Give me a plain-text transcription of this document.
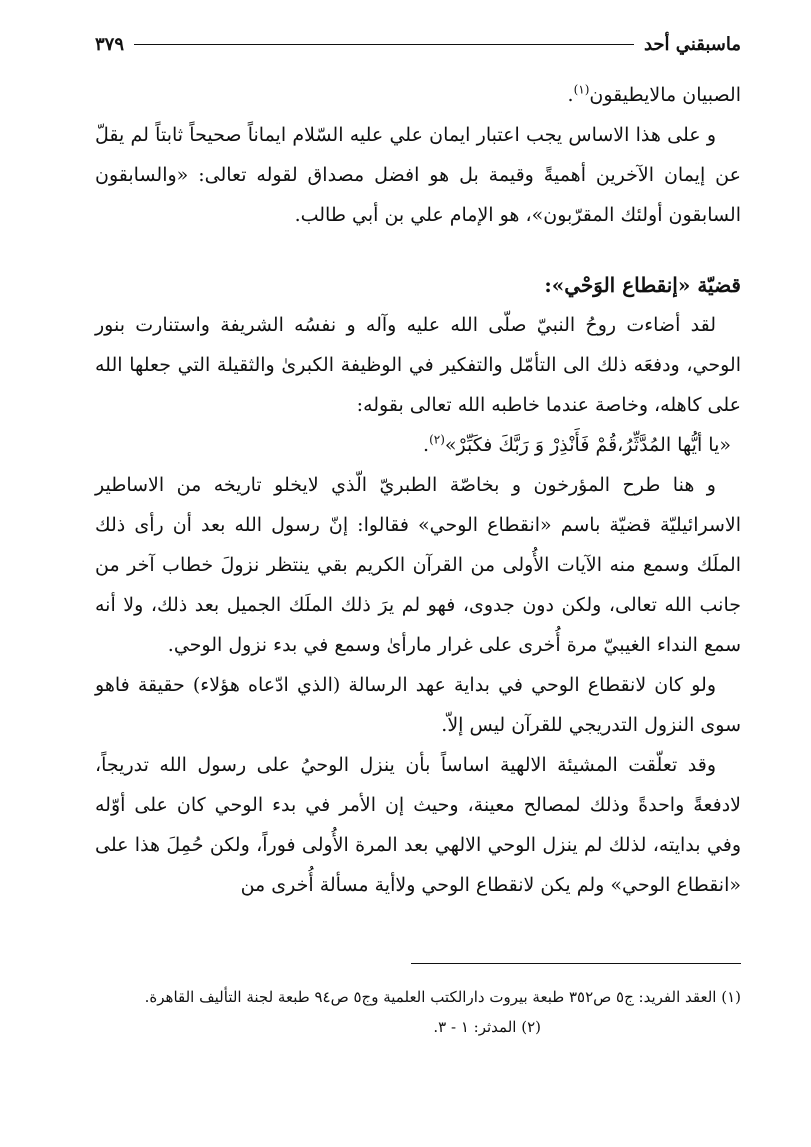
ماسبقني أحد
٣٧٩

الصبيان مالايطيقون$^{(١)}$.

و على هذا الاساس يجب اعتبار ايمان علي عليه السّلام ايماناً صحيحاً ثابتاً لم يقلّ عن إيمان الآخرين أهميةً وقيمة بل هو افضل مصداق لقوله تعالى: «والسابقون السابقون أولئك المقرّبون»، هو الإمام علي بن أبي طالب.

قضيّة «إنقطاع الوَحْي»:

لقد أضاءت روحُ النبيّ صلّى الله عليه وآله و نفسُه الشريفة واستنارت بنور الوحي، ودفعَه ذلك الى التأمّل والتفكير في الوظيفة الكبرىٰ والثقيلة التي جعلها الله على كاهله، وخاصة عندما خاطبه الله تعالى بقوله:

«يا أيُّها المُدَّثِّرُ،قُمْ فَأَنْذِرْ وَ رَبَّكَ فكَبِّرْ»$^{(٢)}$.

و هنا طرح المؤرخون و بخاصّة الطبريّ الّذي لايخلو تاريخه من الاساطير الاسرائيليّة قضيّة باسم «انقطاع الوحي» فقالوا: إنّ رسول الله بعد أن رأى ذلك الملَك وسمع منه الآيات الأُولى من القرآن الكريم بقي ينتظر نزولَ خطاب آخر من جانب الله تعالى، ولكن دون جدوى، فهو لم يرَ ذلك الملَك الجميل بعد ذلك، ولا أنه سمع النداء الغيبيّ مرة أُخرى على غرار مارأىٰ وسمع في بدء نزول الوحي.

ولو كان لانقطاع الوحي في بداية عهد الرسالة (الذي ادّعاه هؤلاء) حقيقة فاهو سوى النزول التدريجي للقرآن ليس إلاّ.

وقد تعلّقت المشيئة الالهية اساساً بأن ينزل الوحيُ على رسول الله تدريجاً، لادفعةً واحدةً وذلك لمصالح معينة، وحيث إن الأمر في بدء الوحي كان على أوّله وفي بدايته، لذلك لم ينزل الوحي الالهي بعد المرة الأُولى فوراً، ولكن حُمِلَ هذا على «انقطاع الوحي» ولم يكن لانقطاع الوحي ولاأية مسألة أُخرى من

(١) العقد الفريد: ج٥ ص٣٥٢ طبعة بيروت دارالكتب العلمية وج٥ ص٩٤ طبعة لجنة التأليف القاهرة.

(٢) المدثر: ١ - ٣.
